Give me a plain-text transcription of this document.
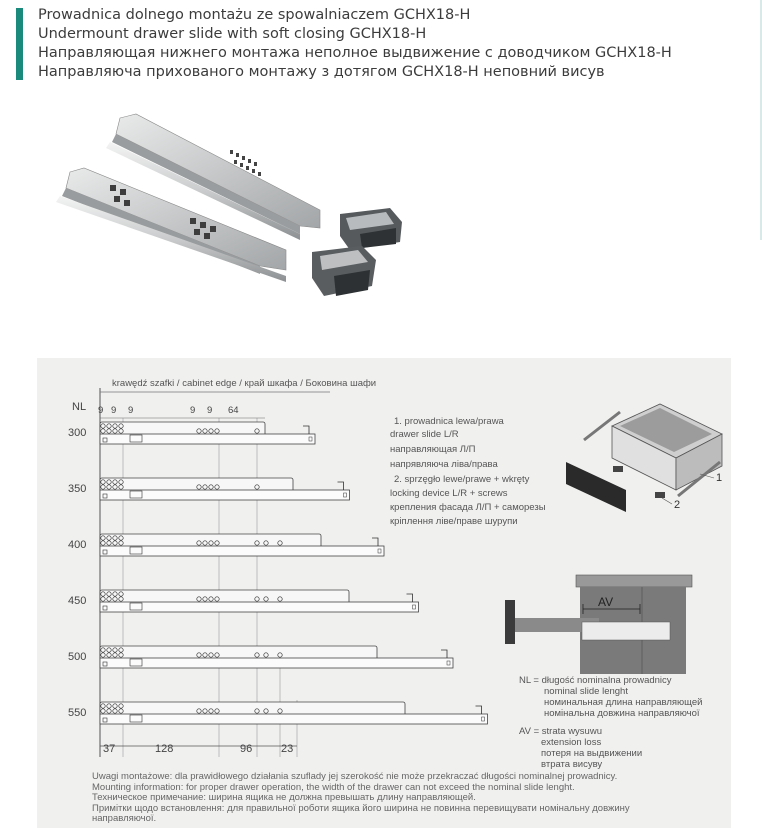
Prowadnica dolnego montażu ze spowalniaczem GCHX18-H
Undermount drawer slide with soft closing GCHX18-H
Направляющая нижнего монтажа неполное выдвижение с доводчиком GCHX18-H
Направляюча прихованого монтажу з дотягом GCHX18-H неповний висув
krawędź szafki / cabinet edge / край шкафа / Боковина шафи
NL 9 9 9	9 9 64
300
350
400
450
500
550
37	128	96	23
1. prowadnica lewa/prawa
drawer slide L/R
направляющая Л/П
напрявляюча ліва/права
2. sprzęgło lewe/prawe + wkręty
locking device L/R + screws
крепления фасада Л/П + саморезы
кріплення ліве/праве шурупи
1
2
AV
NL = długość nominalna prowadnicy
nominal slide lenght
номинальная длина направляющей
номінальна довжина направляючої
AV = strata wysuwu
extension loss
потеря на выдвижении
втрата висуву
Uwagi montażowe: dla prawidłowego działania szuflady jej szerokość nie może przekraczać długości nominalnej prowadnicy.
Mounting information: for proper drawer operation, the width of the drawer can not exceed the nominal slide lenght.
Техническое примечание: ширина ящика не должна превышать длину направляющей.
Примітки щодо встановлення: для правильної роботи ящика його ширина не повинна перевищувати номінальну довжину
направляючої.
